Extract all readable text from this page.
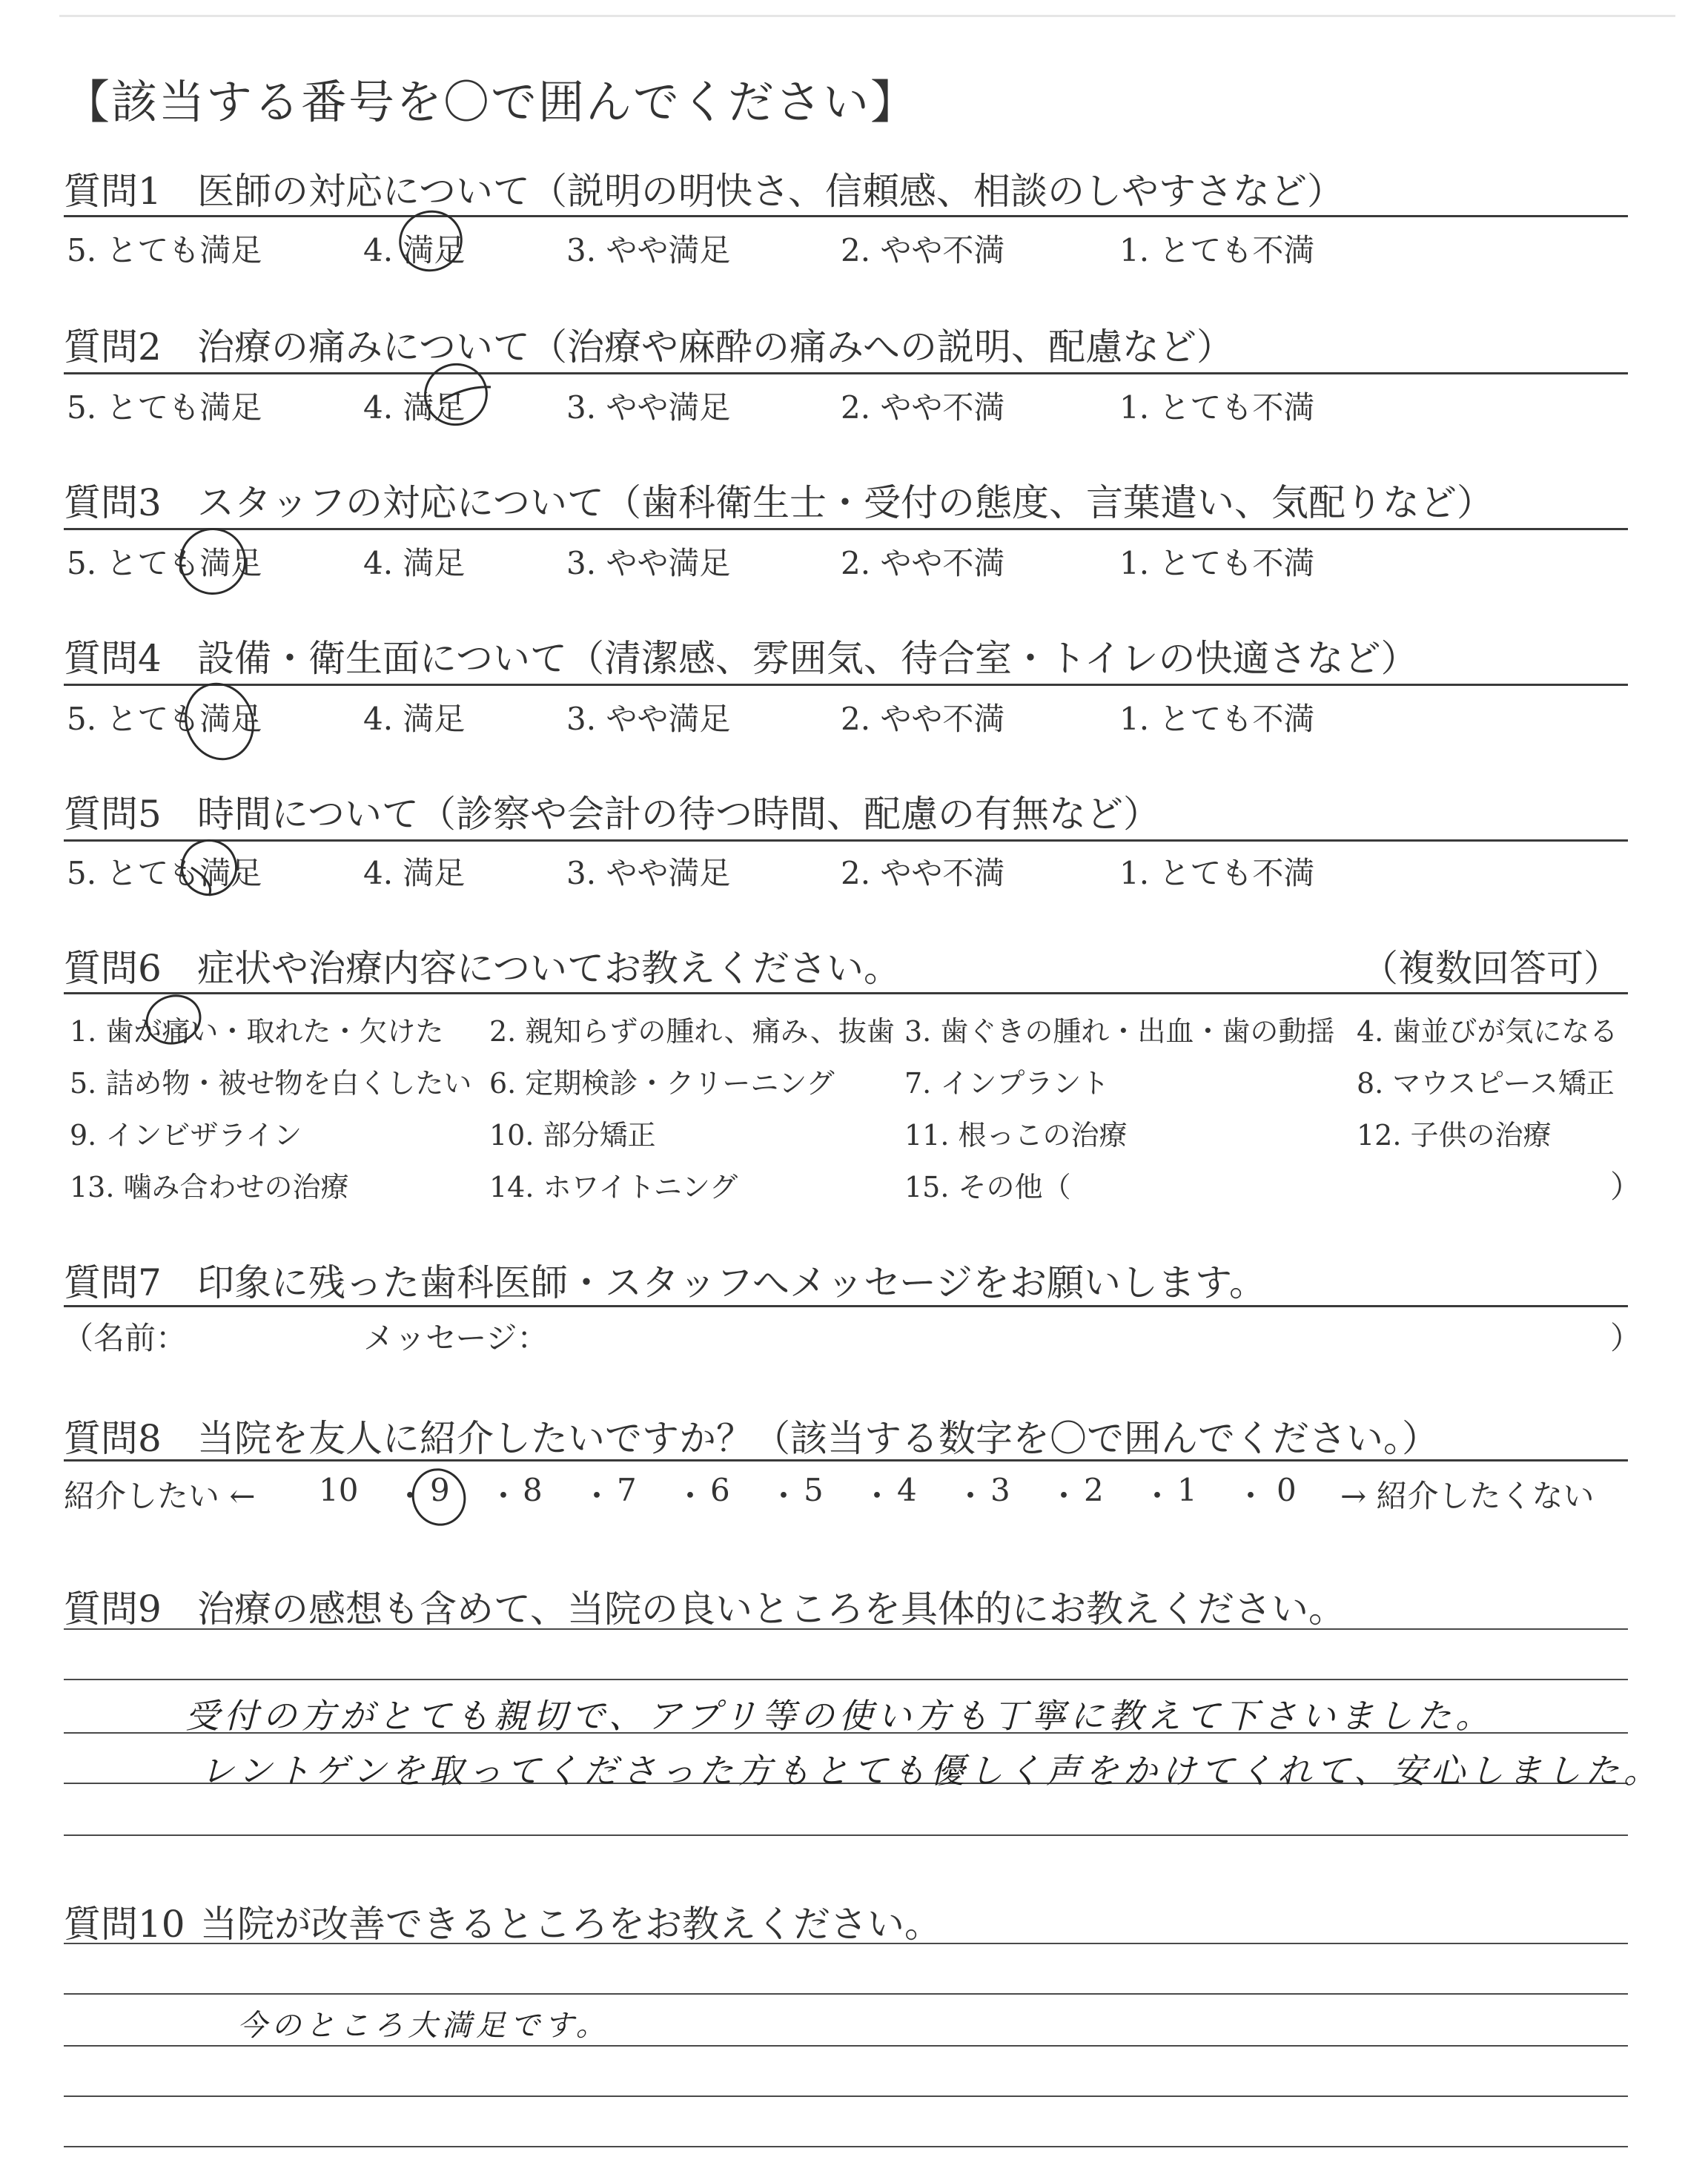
【該当する番号を〇で囲んでください】
質問1 医師の対応について（説明の明快さ、信頼感、相談のしやすさなど）
5. とても満足	4. 満足	3. やや満足	2. やや不満	1. とても不満
質問2 治療の痛みについて（治療や麻酔の痛みへの説明、配慮など）
5. とても満足	4. 満足	3. やや満足	2. やや不満	1. とても不満
質問3 スタッフの対応について（歯科衛生士・受付の態度、言葉遣い、気配りなど）
5. とても満足	4. 満足	3. やや満足	2. やや不満	1. とても不満
質問4 設備・衛生面について（清潔感、雰囲気、待合室・トイレの快適さなど）
5. とても満足	4. 満足	3. やや満足	2. やや不満	1. とても不満
質問5 時間について（診察や会計の待つ時間、配慮の有無など）
5. とても満足	4. 満足	3. やや満足	2. やや不満	1. とても不満
質問6 症状や治療内容についてお教えください。	（複数回答可）
1. 歯が痛い・取れた・欠けた 2. 親知らずの腫れ、痛み、抜歯 3. 歯ぐきの腫れ・出血・歯の動揺 4. 歯並びが気になる
5. 詰め物・被せ物を白くしたい 6. 定期検診・クリーニング 7. インプラント	8. マウスピース矯正
9. インビザライン	10. 部分矯正	11. 根っこの治療	12. 子供の治療
13. 噛み合わせの治療	14. ホワイトニング	15. その他（	）
質問7 印象に残った歯科医師・スタッフへメッセージをお願いします。
（名前：	メッセージ：	）
質問8 当院を友人に紹介したいですか？（該当する数字を〇で囲んでください。）
紹介したい ←	→ 紹介したくない
10 9 8 7 6 5 4 3 2 1	0
・ ・ ・ ・ ・ ・ ・ ・ ・ ・
質問9 治療の感想も含めて、当院の良いところを具体的にお教えください。
受付の方がとても親切で、アプリ等の使い方も丁寧に教えて下さいました。
レントゲンを取ってくださった方もとても優しく声をかけてくれて、安心しました。
質問10 当院が改善できるところをお教えください。
今のところ大満足です。
